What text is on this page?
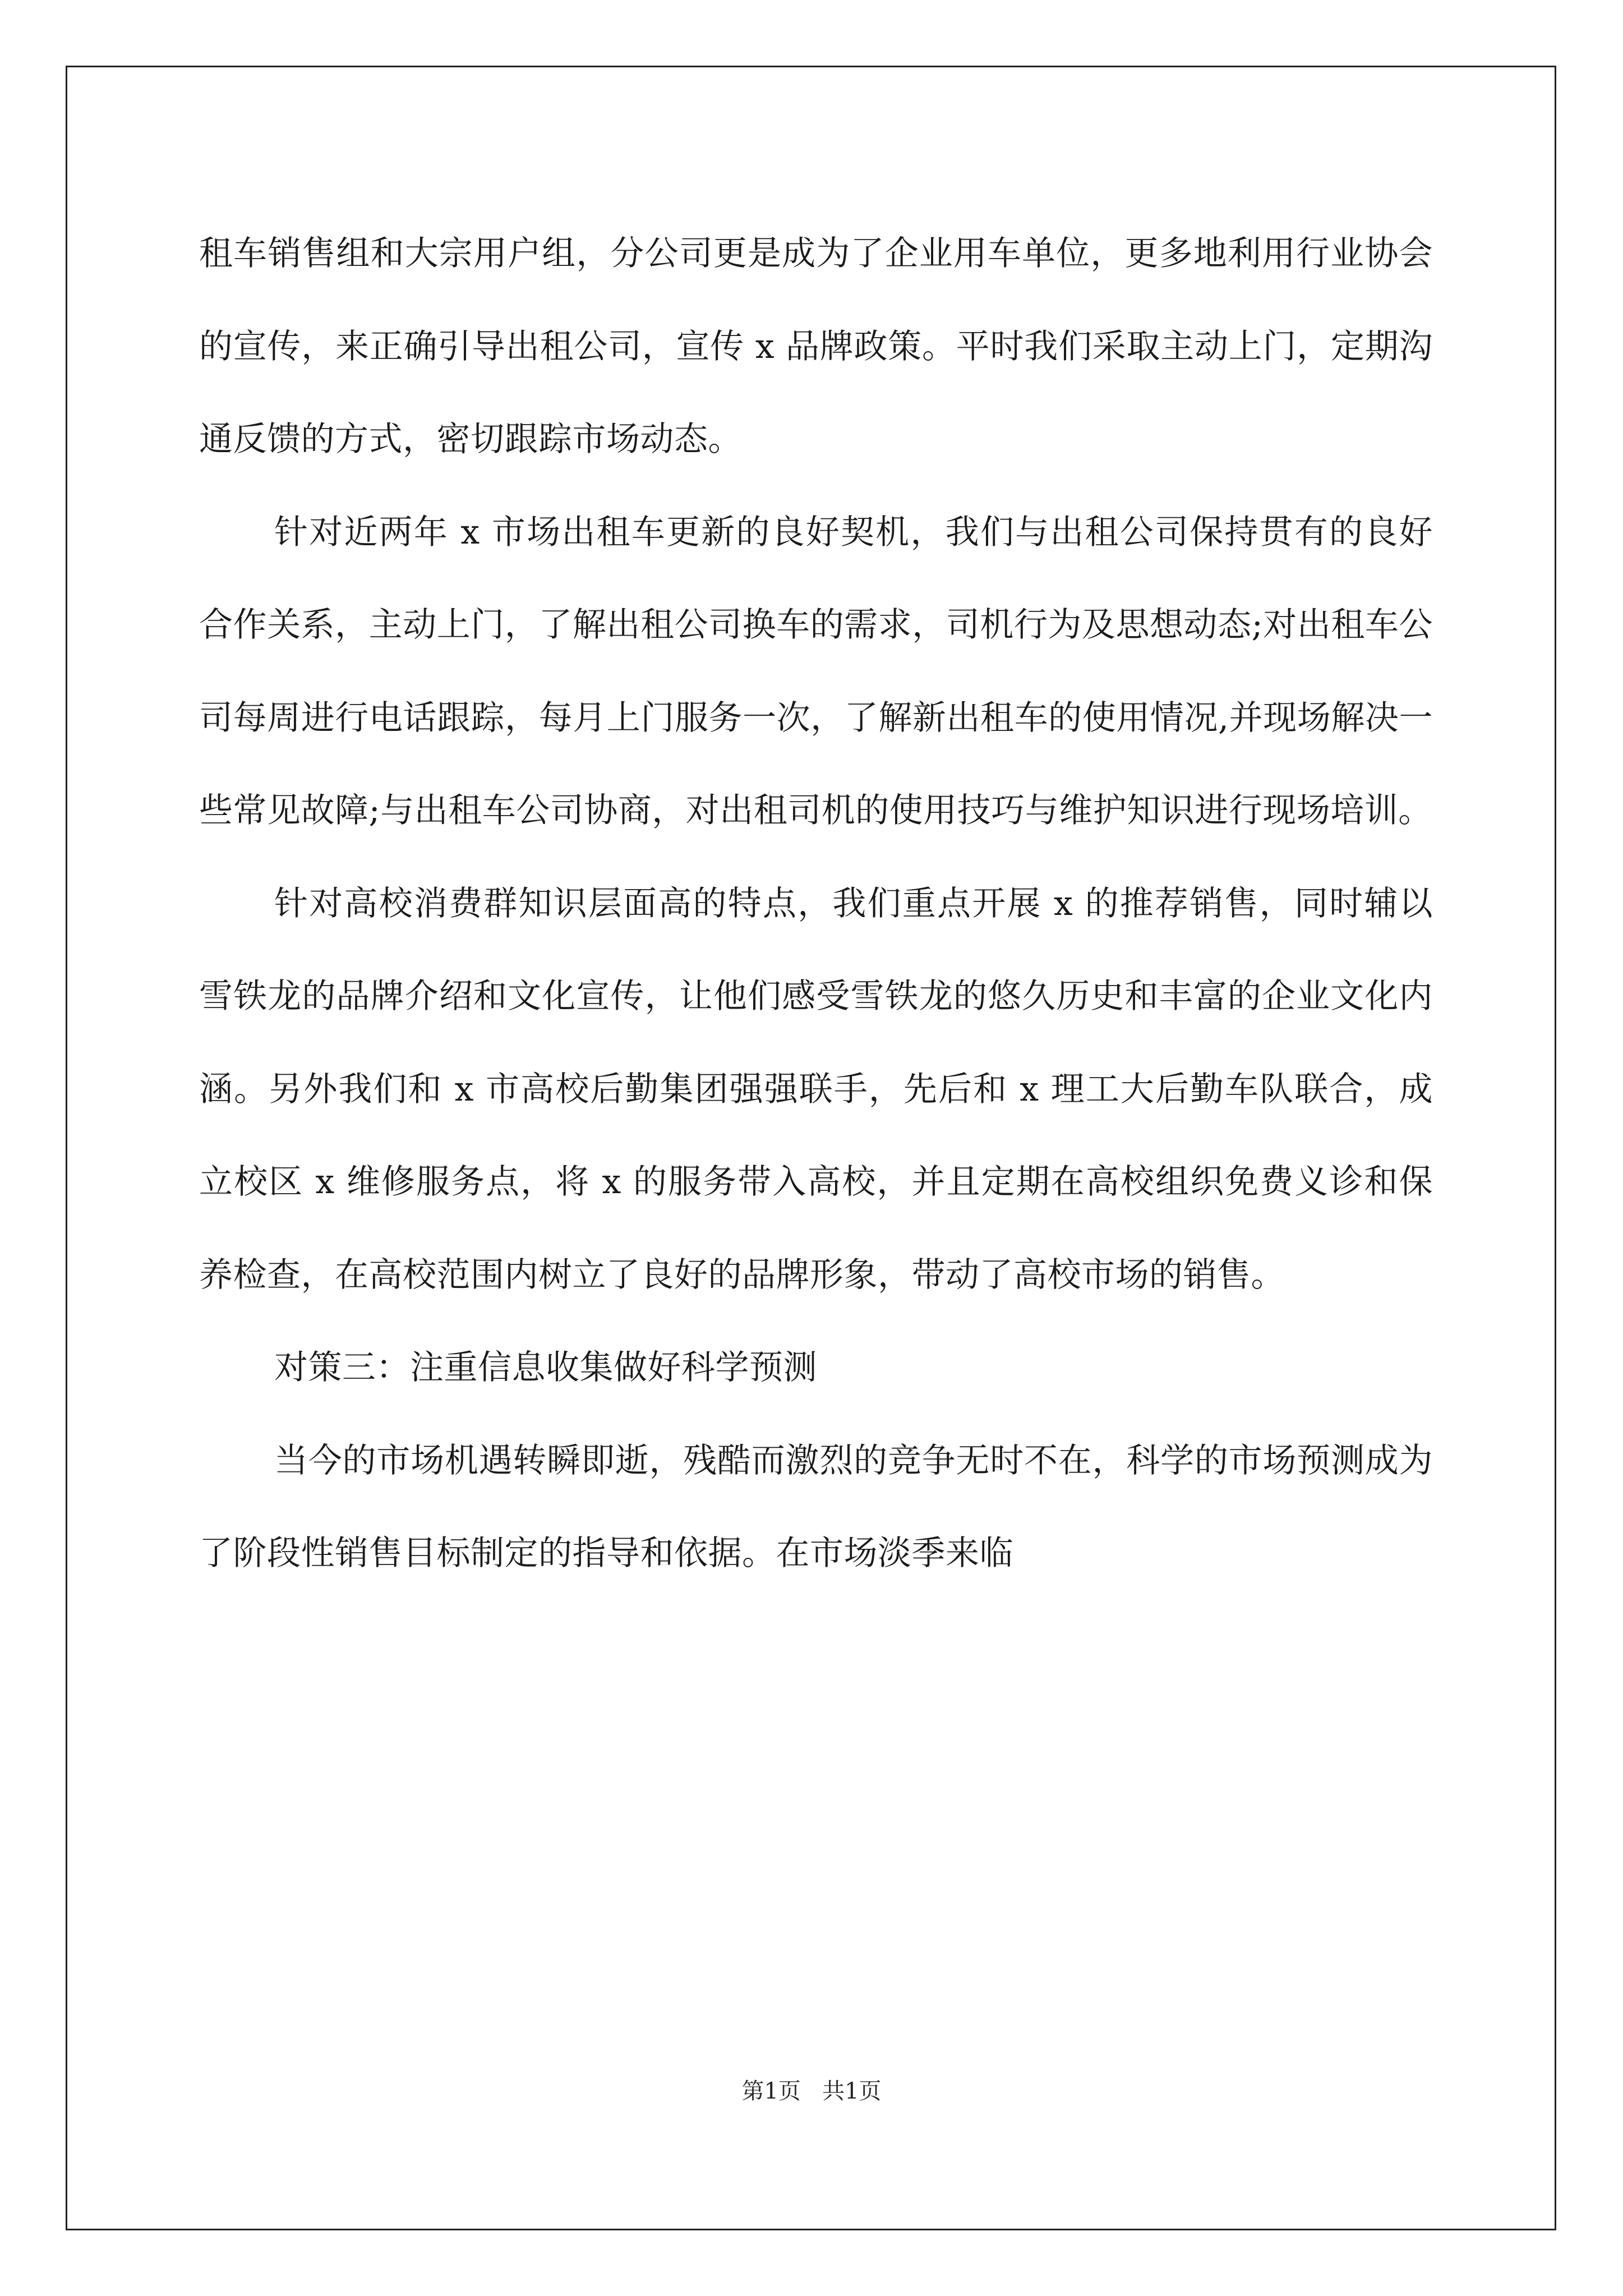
租车销售组和大宗用户组，分公司更是成为了企业用车单位，更多地利用行业协会的宣传，来正确引导出租公司，宣传 x 品牌政策。平时我们采取主动上门，定期沟通反馈的方式，密切跟踪市场动态。

针对近两年 x 市场出租车更新的良好契机，我们与出租公司保持贯有的良好合作关系，主动上门，了解出租公司换车的需求，司机行为及思想动态;对出租车公司每周进行电话跟踪，每月上门服务一次，了解新出租车的使用情况,并现场解决一些常见故障;与出租车公司协商，对出租司机的使用技巧与维护知识进行现场培训。

针对高校消费群知识层面高的特点，我们重点开展 x 的推荐销售，同时辅以雪铁龙的品牌介绍和文化宣传，让他们感受雪铁龙的悠久历史和丰富的企业文化内涵。另外我们和 x 市高校后勤集团强强联手，先后和 x 理工大后勤车队联合，成立校区 x 维修服务点，将 x 的服务带入高校，并且定期在高校组织免费义诊和保养检查，在高校范围内树立了良好的品牌形象，带动了高校市场的销售。

对策三：注重信息收集做好科学预测

当今的市场机遇转瞬即逝，残酷而激烈的竞争无时不在，科学的市场预测成为了阶段性销售目标制定的指导和依据。在市场淡季来临

第1页 共1页
